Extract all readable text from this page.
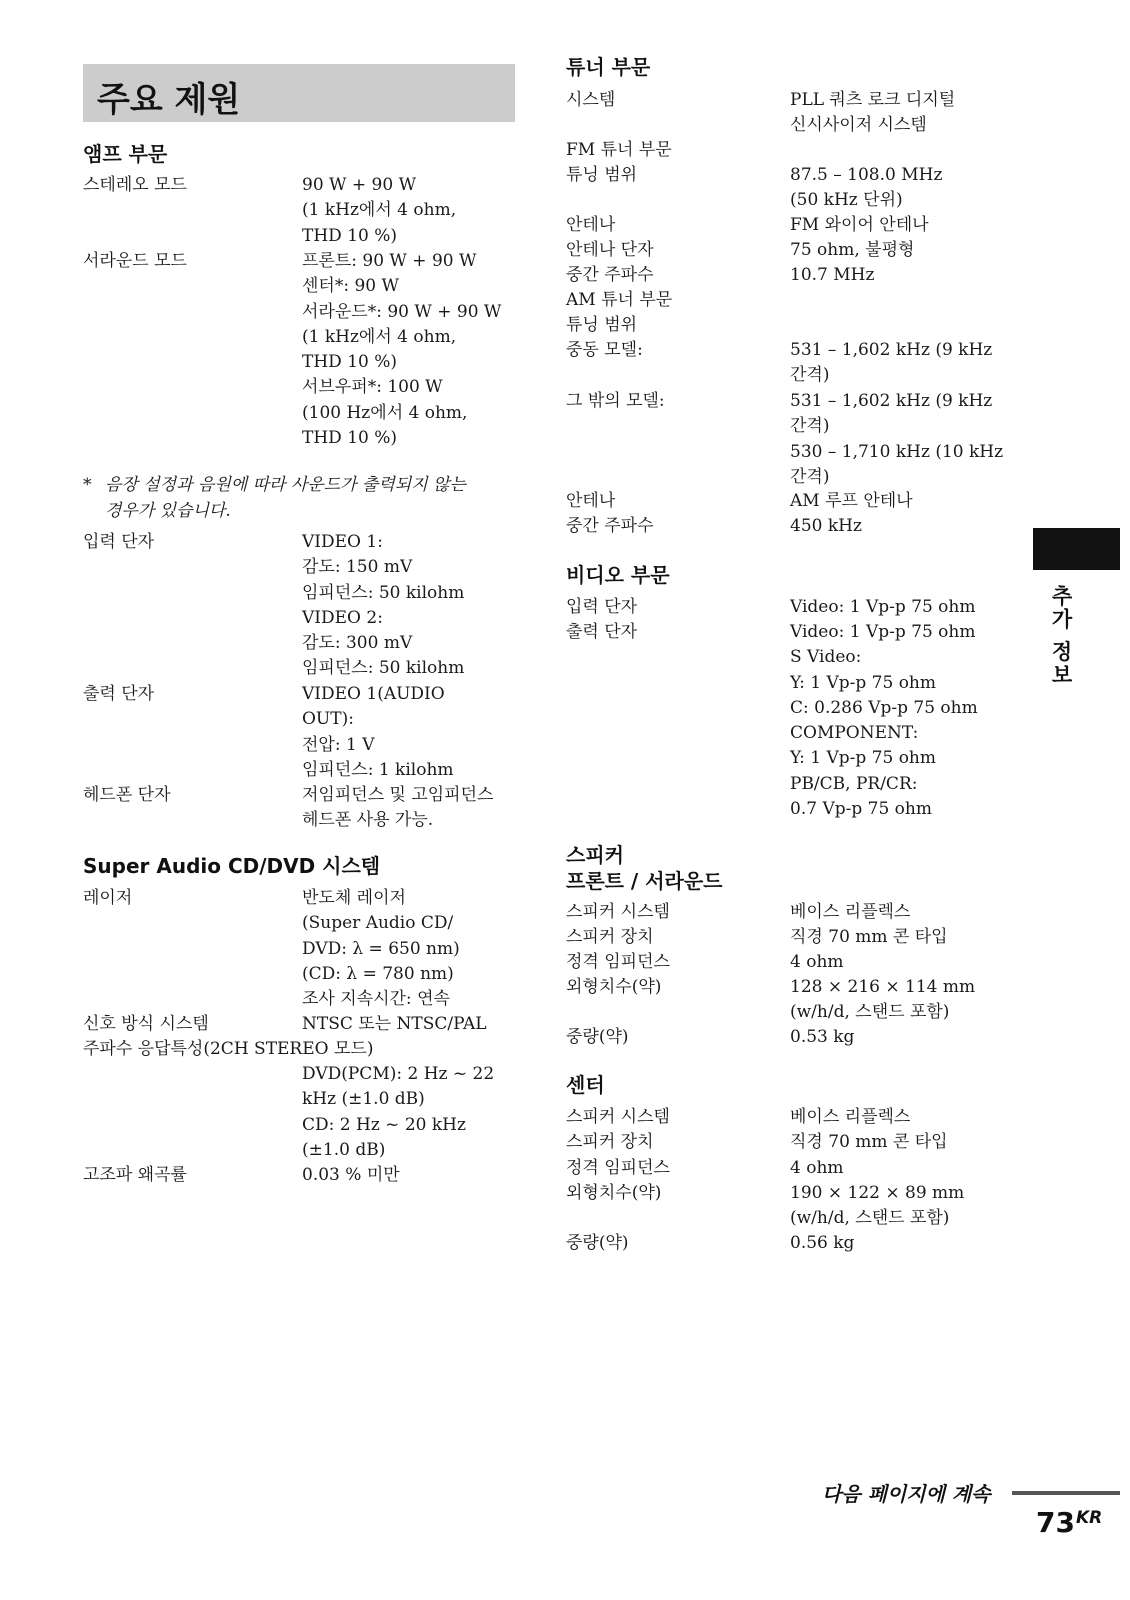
주요 제원
앰프 부문
스테레오 모드	90 W + 90 W
(1 kHz에서 4 ohm,
THD 10 %)
서라운드 모드	프론트: 90 W + 90 W
센터*: 90 W
서라운드*: 90 W + 90 W
(1 kHz에서 4 ohm,
THD 10 %)
서브우퍼*: 100 W
(100 Hz에서 4 ohm,
THD 10 %)
* 음장 설정과 음원에 따라 사운드가 출력되지 않는
경우가 있습니다.
입력 단자	VIDEO 1:
감도: 150 mV
임피던스: 50 kilohm
VIDEO 2:
감도: 300 mV
임피던스: 50 kilohm
출력 단자	VIDEO 1(AUDIO
OUT):
전압: 1 V
임피던스: 1 kilohm
헤드폰 단자	저임피던스 및 고임피던스
헤드폰 사용 가능.
Super Audio CD/DVD 시스템
레이저	반도체 레이저
(Super Audio CD/
DVD: λ = 650 nm)
(CD: λ = 780 nm)
조사 지속시간: 연속
신호 방식 시스템	NTSC 또는 NTSC/PAL
주파수 응답특성(2CH STEREO 모드)
DVD(PCM): 2 Hz ~ 22
kHz (±1.0 dB)
CD: 2 Hz ~ 20 kHz
(±1.0 dB)
고조파 왜곡률	0.03 % 미만
튜너 부문
시스템	PLL 쿼츠 로크 디지털
신시사이저 시스템
FM 튜너 부문
튜닝 범위	87.5 – 108.0 MHz
(50 kHz 단위)
안테나	FM 와이어 안테나
안테나 단자	75 ohm, 불평형
중간 주파수	10.7 MHz
AM 튜너 부문
튜닝 범위
중동 모델:	531 – 1,602 kHz (9 kHz
간격)
그 밖의 모델:	531 – 1,602 kHz (9 kHz
간격)
530 – 1,710 kHz (10 kHz
간격)
안테나	AM 루프 안테나
중간 주파수	450 kHz
비디오 부문
입력 단자	Video: 1 Vp-p 75 ohm
출력 단자	Video: 1 Vp-p 75 ohm
S Video:
Y: 1 Vp-p 75 ohm
C: 0.286 Vp-p 75 ohm
COMPONENT:
Y: 1 Vp-p 75 ohm
PB/CB, PR/CR:
0.7 Vp-p 75 ohm
스피커
프론트 / 서라운드
스피커 시스템	베이스 리플렉스
스피커 장치	직경 70 mm 콘 타입
정격 임피던스	4 ohm
외형치수(약)	128 × 216 × 114 mm
(w/h/d, 스탠드 포함)
중량(약)	0.53 kg
센터
스피커 시스템	베이스 리플렉스
스피커 장치	직경 70 mm 콘 타입
정격 임피던스	4 ohm
외형치수(약)	190 × 122 × 89 mm
(w/h/d, 스탠드 포함)
중량(약)	0.56 kg
추가 정보
다음 페이지에 계속
$73^{KR}$
